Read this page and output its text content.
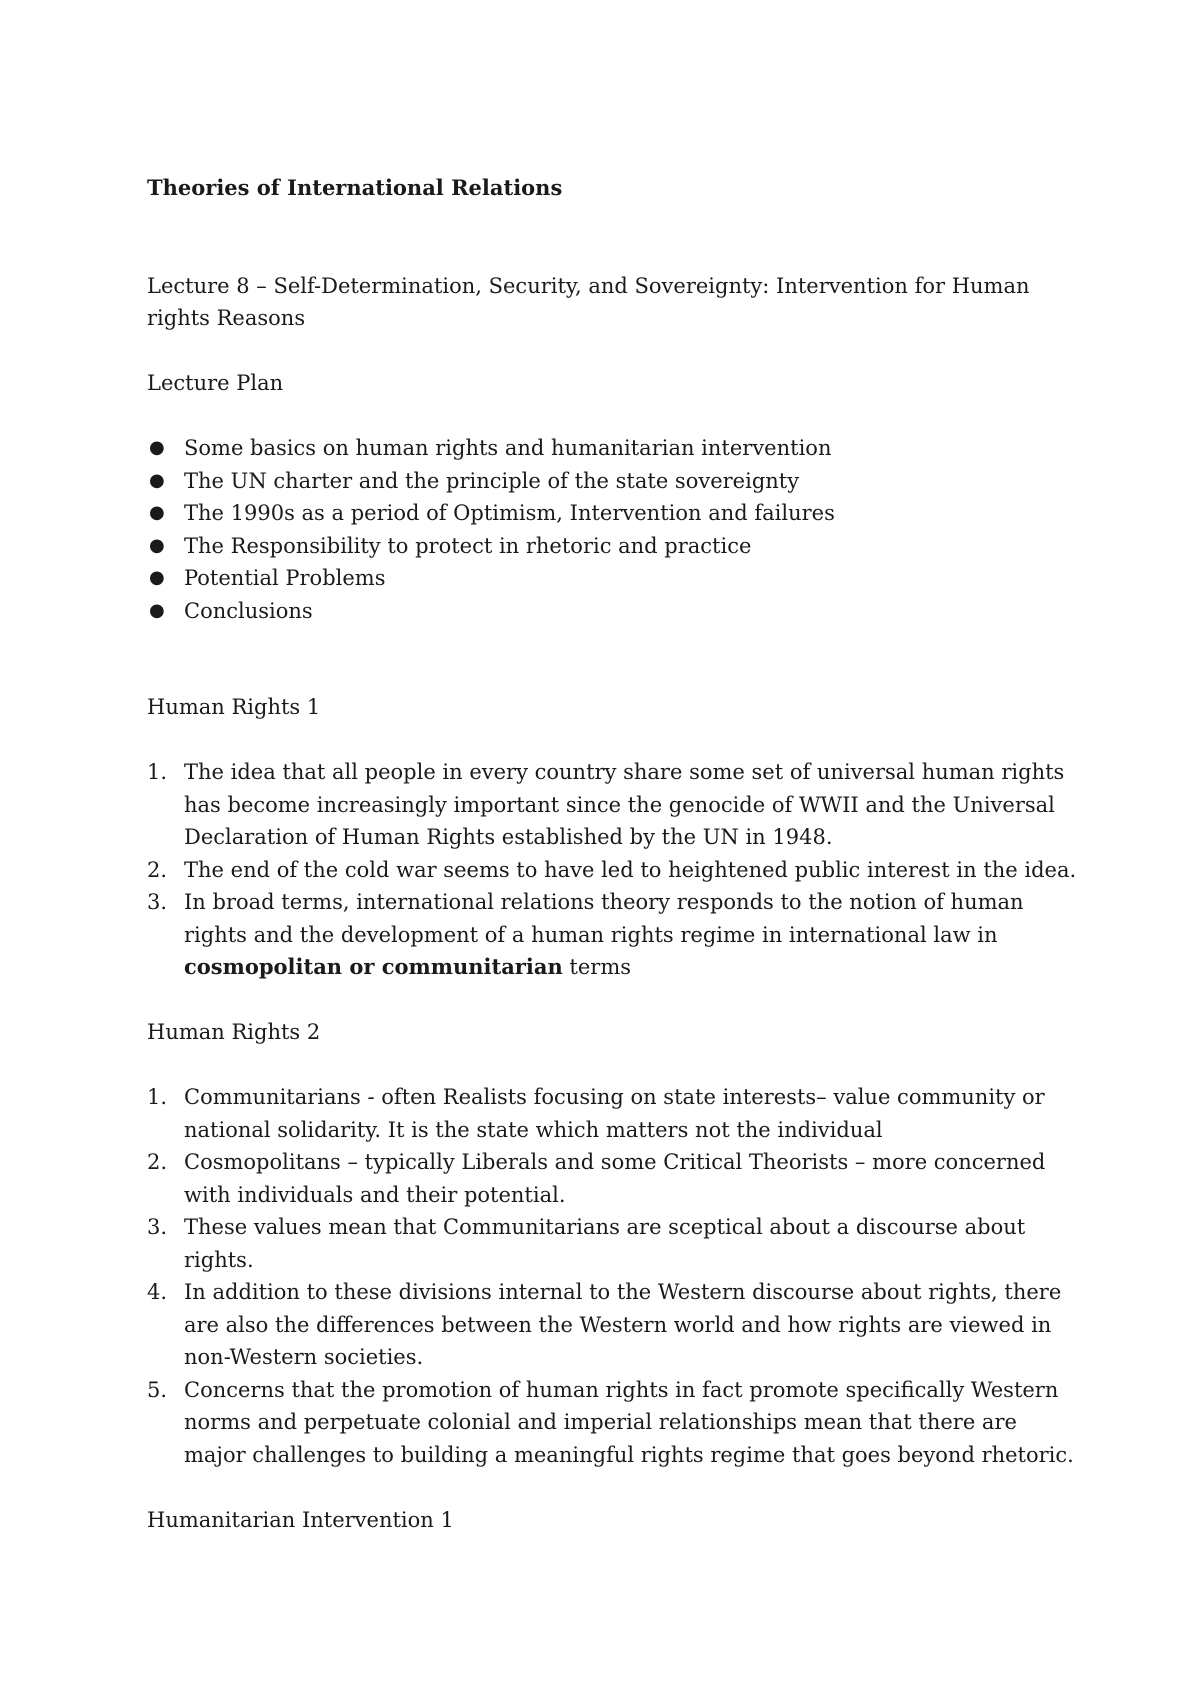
Theories of International Relations

Lecture 8 – Self-Determination, Security, and Sovereignty: Intervention for Human rights Reasons

Lecture Plan

● Some basics on human rights and humanitarian intervention
● The UN charter and the principle of the state sovereignty
● The 1990s as a period of Optimism, Intervention and failures
● The Responsibility to protect in rhetoric and practice
● Potential Problems
● Conclusions

Human Rights 1

1. The idea that all people in every country share some set of universal human rights has become increasingly important since the genocide of WWII and the Universal Declaration of Human Rights established by the UN in 1948.
2. The end of the cold war seems to have led to heightened public interest in the idea.
3. In broad terms, international relations theory responds to the notion of human rights and the development of a human rights regime in international law in cosmopolitan or communitarian terms

Human Rights 2

1. Communitarians - often Realists focusing on state interests– value community or national solidarity. It is the state which matters not the individual
2. Cosmopolitans – typically Liberals and some Critical Theorists – more concerned with individuals and their potential.
3. These values mean that Communitarians are sceptical about a discourse about rights.
4. In addition to these divisions internal to the Western discourse about rights, there are also the differences between the Western world and how rights are viewed in non-Western societies.
5. Concerns that the promotion of human rights in fact promote specifically Western norms and perpetuate colonial and imperial relationships mean that there are major challenges to building a meaningful rights regime that goes beyond rhetoric.

Humanitarian Intervention 1
